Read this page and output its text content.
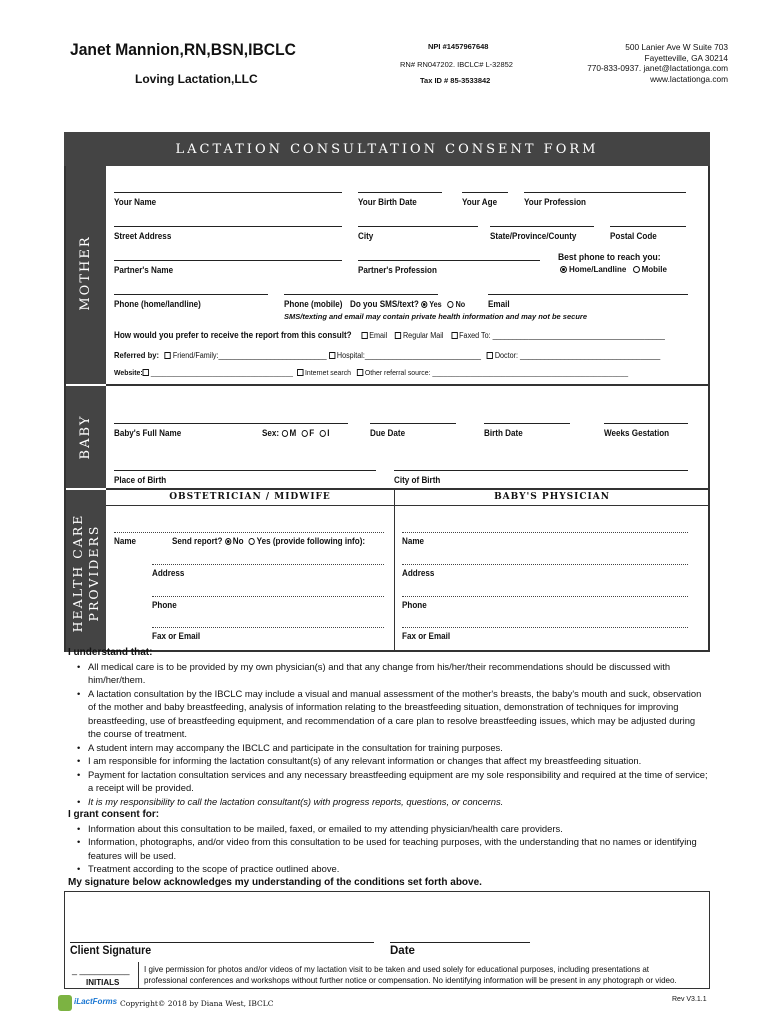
Janet Mannion,RN,BSN,IBCLC
Loving Lactation,LLC
NPI #1457967648
RN# RN047202. IBCLC# L-32852
Tax ID # 85-3533842
500 Lanier Ave W Suite 703
Fayetteville, GA 30214
770-833-0937. janet@lactationga.com
www.lactationga.com
LACTATION CONSULTATION CONSENT FORM
MOTHER
BABY
HEALTH CARE PROVIDERS
Your Name	Your Birth Date	Your Age	Your Profession
Street Address	City	State/Province/County	Postal Code
Partner's Name	Partner's Profession
Best phone to reach you:
Home/Landline Mobile
Phone (home/landline)	Phone (mobile) Do you SMS/text? Yes No	Email
SMS/texting and email may contain private health information and may not be secure
How would you prefer to receive the report from this consult? Email Regular Mail Faxed To: ___________________________________________
Referred by: Friend/Family:___________________________ Hospital:_____________________________ Doctor: ___________________________________
Website: _____________________________________ Internet search Other referral source: ___________________________________________________
Baby's Full Name	Sex: M F I	Due Date	Birth Date	Weeks Gestation
Place of Birth	City of Birth
OBSTETRICIAN / MIDWIFE	BABY'S PHYSICIAN
Name	Send report? No Yes (provide following info):
Address
Phone
Fax or Email
Name
Address
Phone
Fax or Email
I understand that:
• All medical care is to be provided by my own physician(s) and that any change from his/her/their recommendations should be discussed with him/her/them.
• A lactation consultation by the IBCLC may include a visual and manual assessment of the mother's breasts, the baby's mouth and suck, observation of the mother and baby breastfeeding, analysis of information relating to the breastfeeding situation, demonstration of techniques for improving breastfeeding, use of breastfeeding equipment, and recommendation of a care plan to resolve breastfeeding issues, which may be adjusted during the course of treatment.
• A student intern may accompany the IBCLC and participate in the consultation for training purposes.
• I am responsible for informing the lactation consultant(s) of any relevant information or changes that affect my breastfeeding situation.
• Payment for lactation consultation services and any necessary breastfeeding equipment are my sole responsibility and required at the time of service; a receipt will be provided.
• It is my responsibility to call the lactation consultant(s) with progress reports, questions, or concerns.
I grant consent for:
• Information about this consultation to be mailed, faxed, or emailed to my attending physician/health care providers.
• Information, photographs, and/or video from this consultation to be used for teaching purposes, with the understanding that no names or identifying features will be used.
• Treatment according to the scope of practice outlined above.
My signature below acknowledges my understanding of the conditions set forth above.
Client Signature	Date
_ __________
INITIALS
I give permission for photos and/or videos of my lactation visit to be taken and used solely for educational purposes, including presentations at professional conferences and workshops without further notice or compensation. No identifying information will be present in any photograph or video.
iLactForms Copyright© 2018 by Diana West, IBCLC	Rev V3.1.1
